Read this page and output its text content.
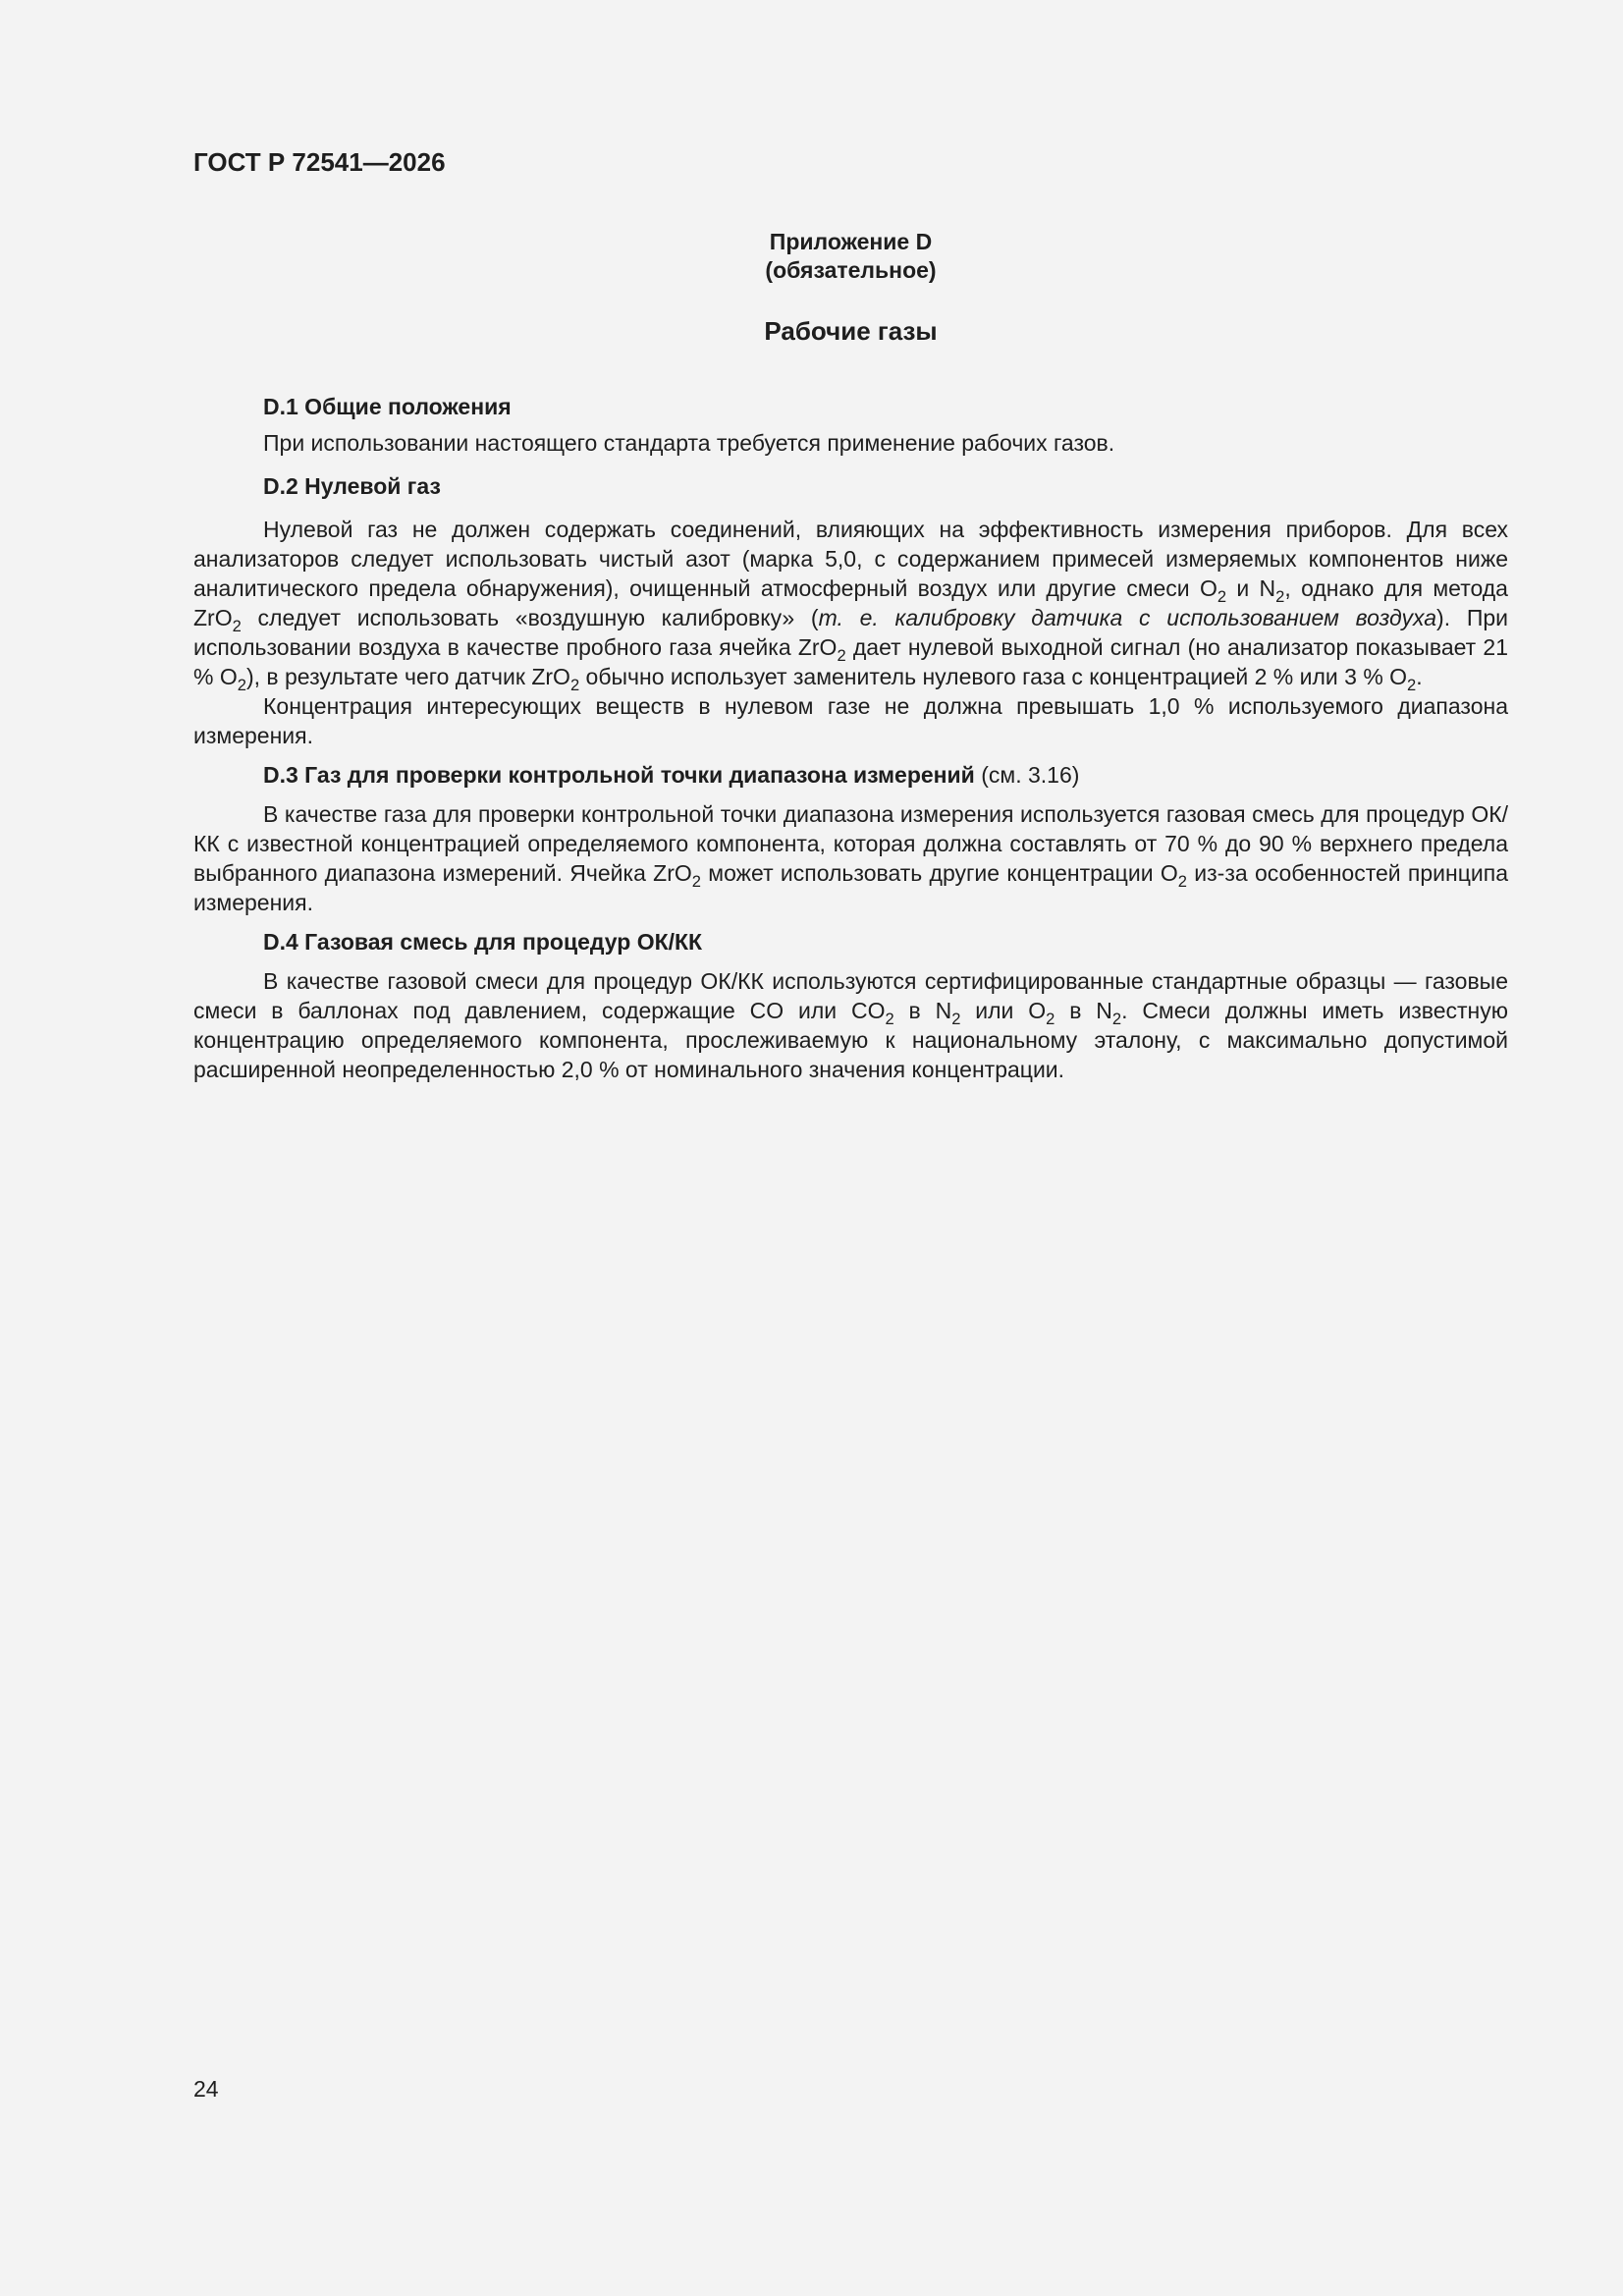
ГОСТ Р 72541—2026
Приложение D
(обязательное)
Рабочие газы
D.1 Общие положения

При использовании настоящего стандарта требуется применение рабочих газов.

D.2 Нулевой газ

Нулевой газ не должен содержать соединений, влияющих на эффективность измерения приборов. Для всех анализаторов следует использовать чистый азот (марка 5,0, с содержанием примесей измеряемых компонентов ниже аналитического предела обнаружения), очищенный атмосферный воздух или другие смеси $O_2$ и $N_2$, однако для метода ZrO$_2$ следует использовать «воздушную калибровку» (т. е. калибровку датчика с использованием воздуха). При использовании воздуха в качестве пробного газа ячейка ZrO$_2$ дает нулевой выходной сигнал (но анализатор показывает 21 % $O_2$), в результате чего датчик ZrO$_2$ обычно использует заменитель нулевого газа с концентрацией 2 % или 3 % $O_2$.

Концентрация интересующих веществ в нулевом газе не должна превышать 1,0 % используемого диапазона измерения.

D.3 Газ для проверки контрольной точки диапазона измерений (см. 3.16)

В качестве газа для проверки контрольной точки диапазона измерения используется газовая смесь для процедур ОК/КК с известной концентрацией определяемого компонента, которая должна составлять от 70 % до 90 % верхнего предела выбранного диапазона измерений. Ячейка ZrO$_2$ может использовать другие концентрации $O_2$ из-за особенностей принципа измерения.

D.4 Газовая смесь для процедур ОК/КК

В качестве газовой смеси для процедур ОК/КК используются сертифицированные стандартные образцы — газовые смеси в баллонах под давлением, содержащие CO или $CO_2$ в $N_2$ или $O_2$ в $N_2$. Смеси должны иметь известную концентрацию определяемого компонента, прослеживаемую к национальному эталону, с максимально допустимой расширенной неопределенностью 2,0 % от номинального значения концентрации.

24
